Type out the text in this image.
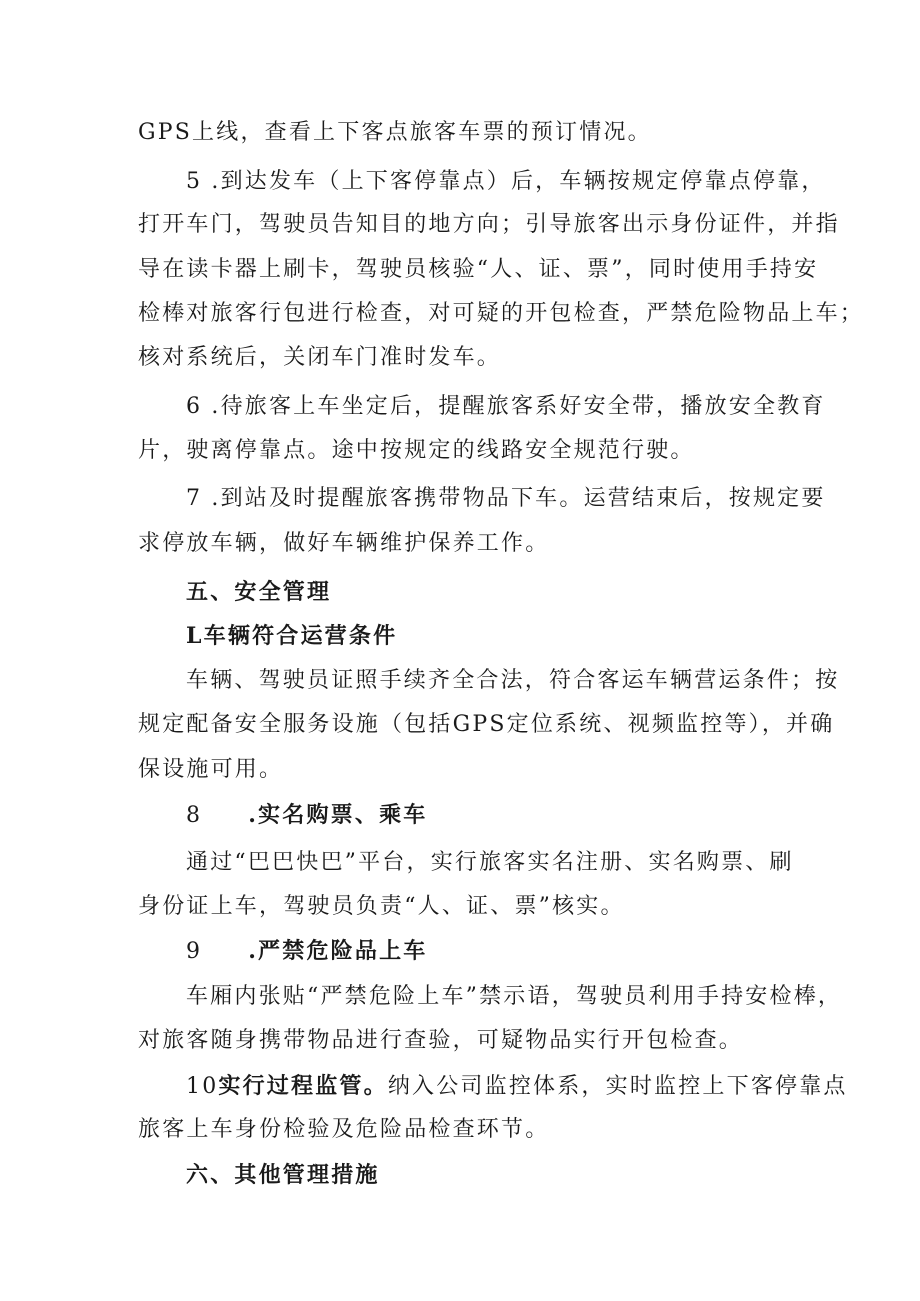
GPS上线，查看上下客点旅客车票的预订情况。
5 .到达发车（上下客停靠点）后，车辆按规定停靠点停靠，
打开车门，驾驶员告知目的地方向；引导旅客出示身份证件，并指
导在读卡器上刷卡，驾驶员核验“人、证、票”，同时使用手持安
检棒对旅客行包进行检查，对可疑的开包检查，严禁危险物品上车；
核对系统后，关闭车门准时发车。
6 .待旅客上车坐定后，提醒旅客系好安全带，播放安全教育
片，驶离停靠点。途中按规定的线路安全规范行驶。
7 .到站及时提醒旅客携带物品下车。运营结束后，按规定要
求停放车辆，做好车辆维护保养工作。
五、安全管理
L车辆符合运营条件
车辆、驾驶员证照手续齐全合法，符合客运车辆营运条件；按
规定配备安全服务设施（包括GPS定位系统、视频监控等），并确
保设施可用。
8 .实名购票、乘车
通过“巴巴快巴”平台，实行旅客实名注册、实名购票、刷
身份证上车，驾驶员负责“人、证、票”核实。
9 .严禁危险品上车
车厢内张贴“严禁危险上车”禁示语，驾驶员利用手持安检棒，
对旅客随身携带物品进行查验，可疑物品实行开包检查。
10实行过程监管。纳入公司监控体系，实时监控上下客停靠点
旅客上车身份检验及危险品检查环节。
六、其他管理措施
